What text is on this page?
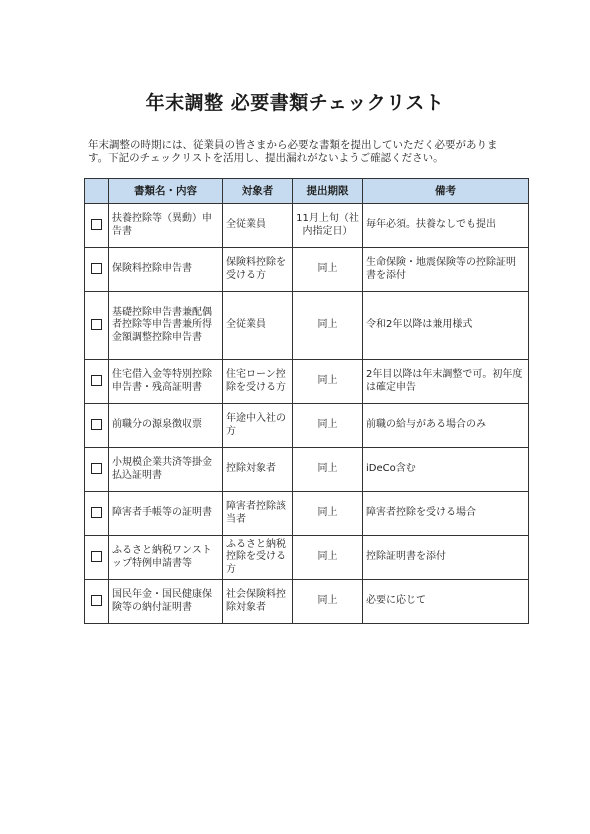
年末調整 必要書類チェックリスト

年末調整の時期には、従業員の皆さまから必要な書類を提出していただく必要がありま

す。下記のチェックリストを活用し、提出漏れがないようご確認ください。

	書類名・内容	対象者	提出期限	備考
	扶養控除等（異動）申告書	全従業員	11月上旬（社内指定日）	毎年必須。扶養なしでも提出
	保険料控除申告書	保険料控除を受ける方	同上	生命保険・地震保険等の控除証明書を添付
	基礎控除申告書兼配偶者控除等申告書兼所得金額調整控除申告書	全従業員	同上	令和2年以降は兼用様式
	住宅借入金等特別控除申告書・残高証明書	住宅ローン控除を受ける方	同上	2年目以降は年末調整で可。初年度は確定申告
	前職分の源泉徴収票	年途中入社の方	同上	前職の給与がある場合のみ
	小規模企業共済等掛金払込証明書	控除対象者	同上	iDeCo含む
	障害者手帳等の証明書	障害者控除該当者	同上	障害者控除を受ける場合
	ふるさと納税ワンストップ特例申請書等	ふるさと納税控除を受ける方	同上	控除証明書を添付
	国民年金・国民健康保険等の納付証明書	社会保険料控除対象者	同上	必要に応じて
